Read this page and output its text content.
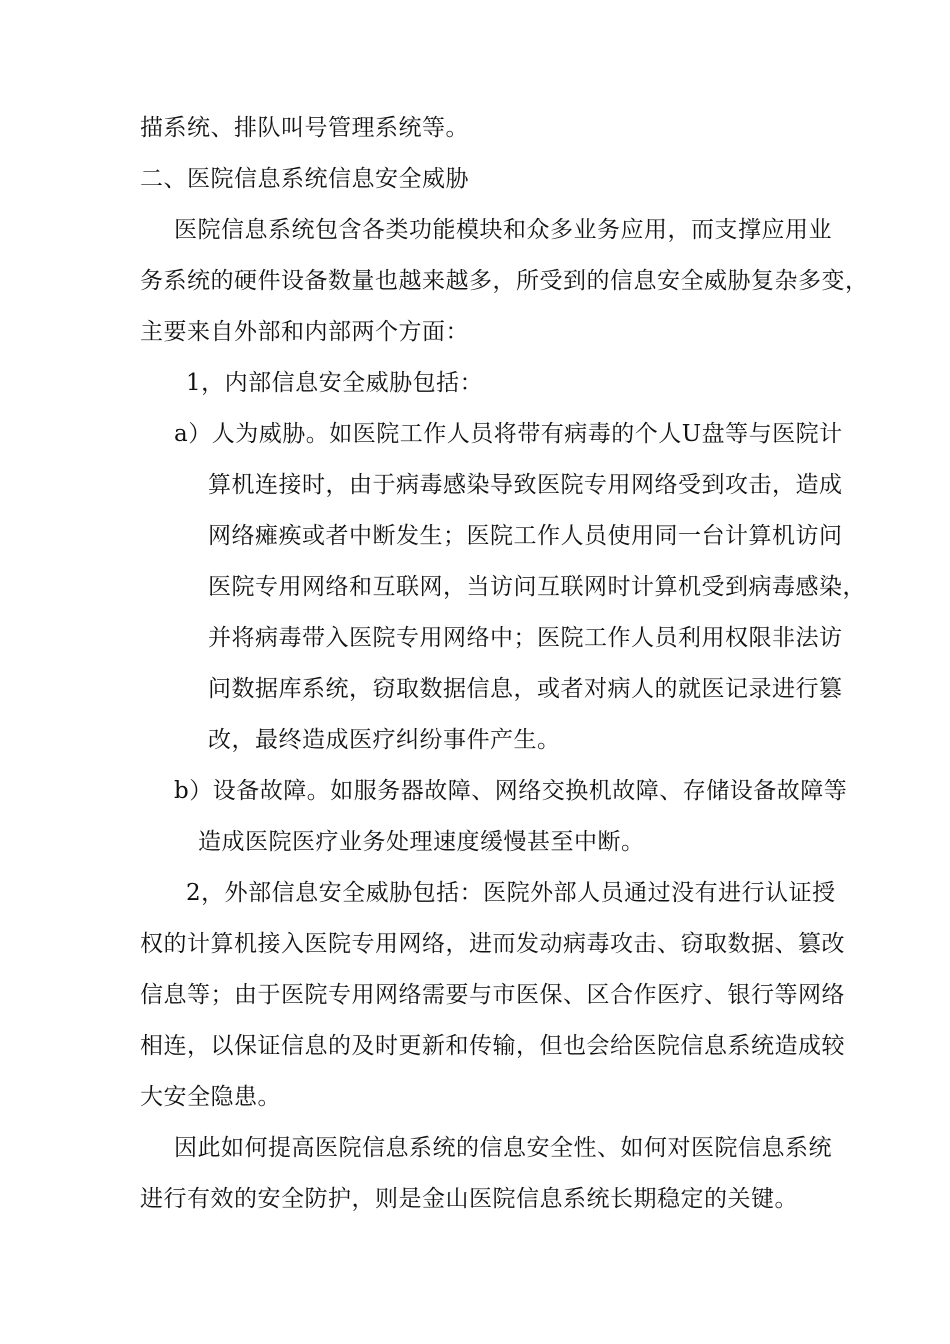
描系统、排队叫号管理系统等。
二、医院信息系统信息安全威胁
医院信息系统包含各类功能模块和众多业务应用，而支撑应用业
务系统的硬件设备数量也越来越多，所受到的信息安全威胁复杂多变，
主要来自外部和内部两个方面：
1，内部信息安全威胁包括：
a）人为威胁。如医院工作人员将带有病毒的个人U盘等与医院计
算机连接时，由于病毒感染导致医院专用网络受到攻击，造成
网络瘫痪或者中断发生；医院工作人员使用同一台计算机访问
医院专用网络和互联网，当访问互联网时计算机受到病毒感染，
并将病毒带入医院专用网络中；医院工作人员利用权限非法访
问数据库系统，窃取数据信息，或者对病人的就医记录进行篡
改，最终造成医疗纠纷事件产生。
b）设备故障。如服务器故障、网络交换机故障、存储设备故障等
造成医院医疗业务处理速度缓慢甚至中断。
2，外部信息安全威胁包括：医院外部人员通过没有进行认证授
权的计算机接入医院专用网络，进而发动病毒攻击、窃取数据、篡改
信息等；由于医院专用网络需要与市医保、区合作医疗、银行等网络
相连，以保证信息的及时更新和传输，但也会给医院信息系统造成较
大安全隐患。
因此如何提高医院信息系统的信息安全性、如何对医院信息系统
进行有效的安全防护，则是金山医院信息系统长期稳定的关键。
